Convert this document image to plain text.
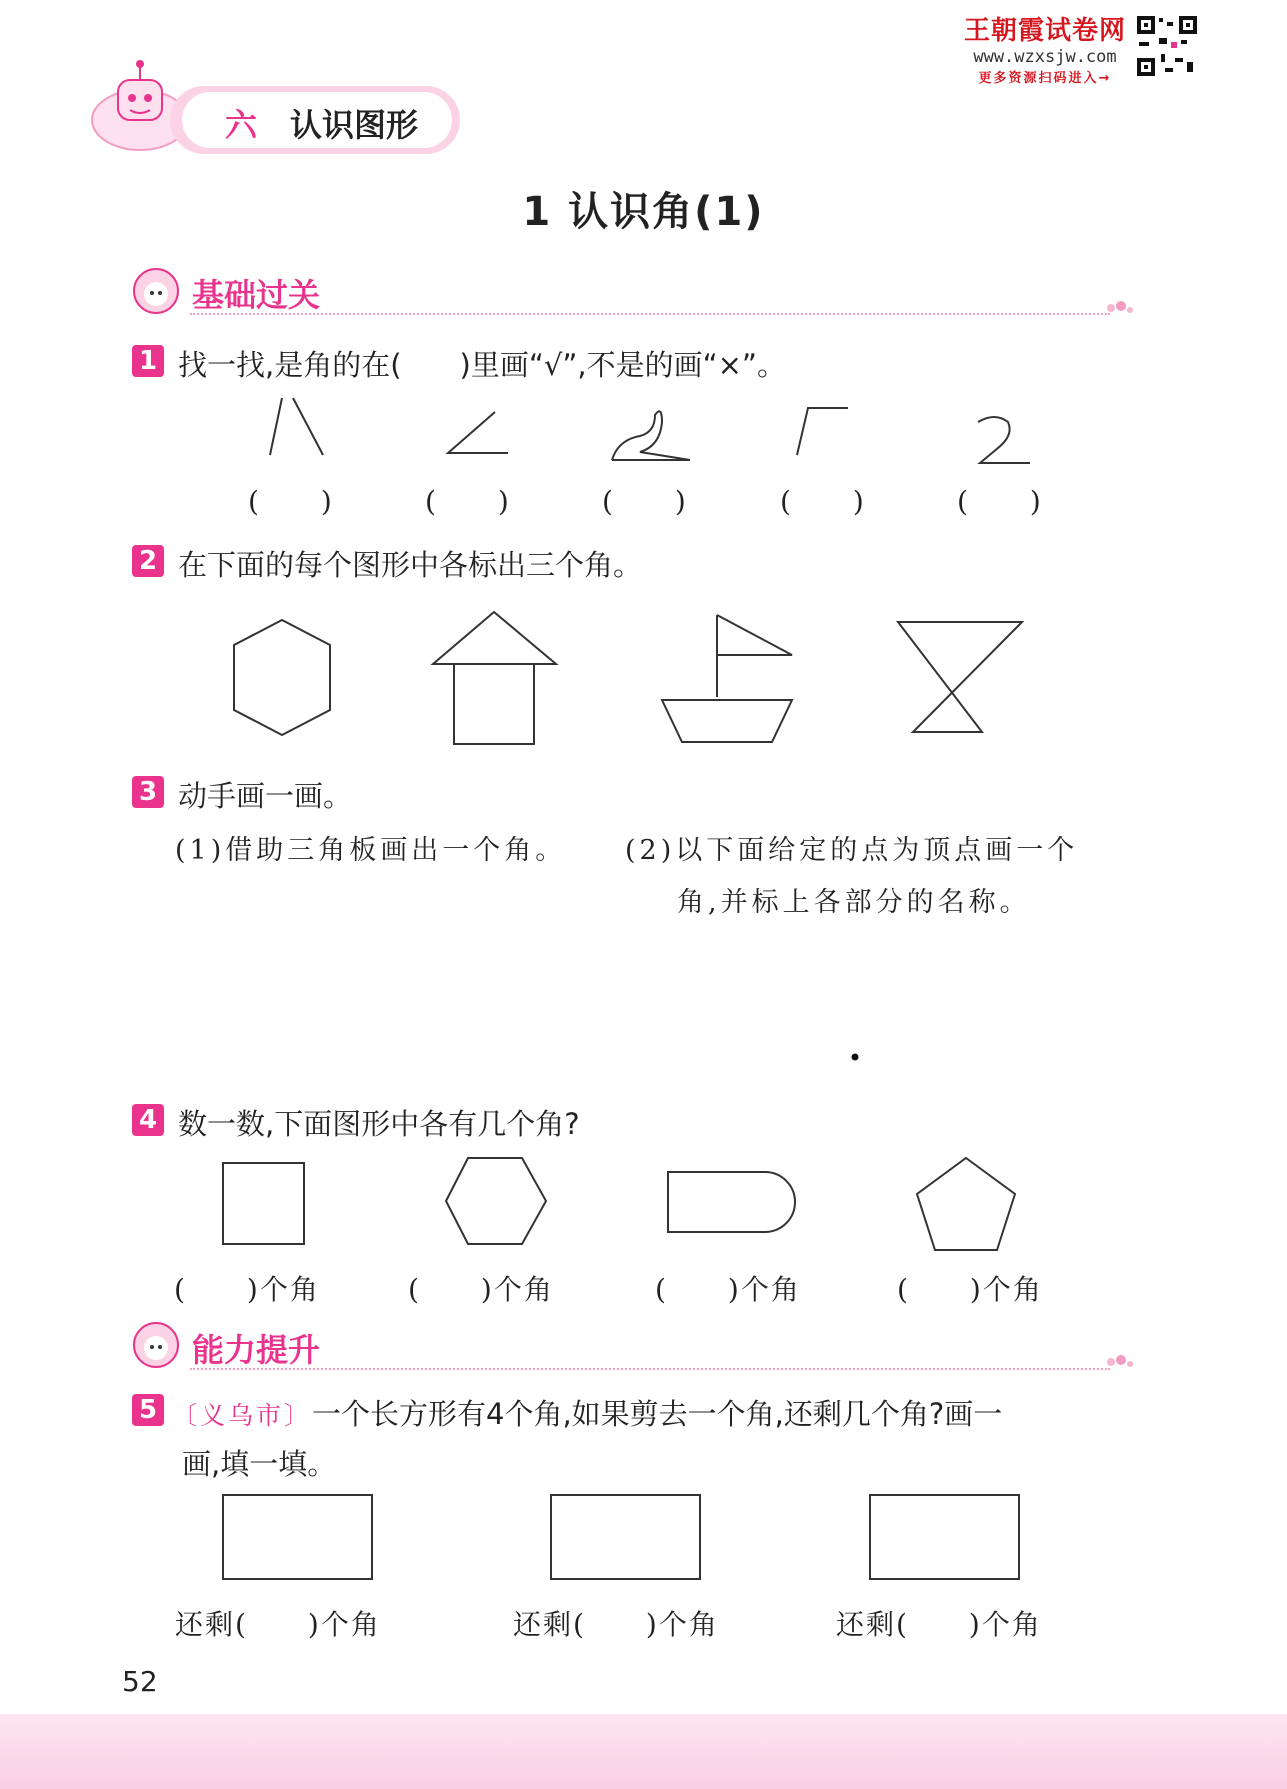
王朝霞试卷网
www.wzxsjw.com
更多资源扫码进入→
六 认识图形
1 认识角(1)
基础过关
1 找一找,是角的在(　　)里画“√”,不是的画“×”。
(　　)	(　　)	(　　)	(　　)	(　　)
2 在下面的每个图形中各标出三个角。
3 动手画一画。
(1)借助三角板画出一个角。 (2)以下面给定的点为顶点画一个
角,并标上各部分的名称。
4 数一数,下面图形中各有几个角?
(　　)个角	(　　)个角	(　　)个角	(　　)个角
能力提升
5 〔义乌市〕一个长方形有4个角,如果剪去一个角,还剩几个角?画一
画,填一填。
还剩(　　)个角	还剩(　　)个角	还剩(　　)个角
52
